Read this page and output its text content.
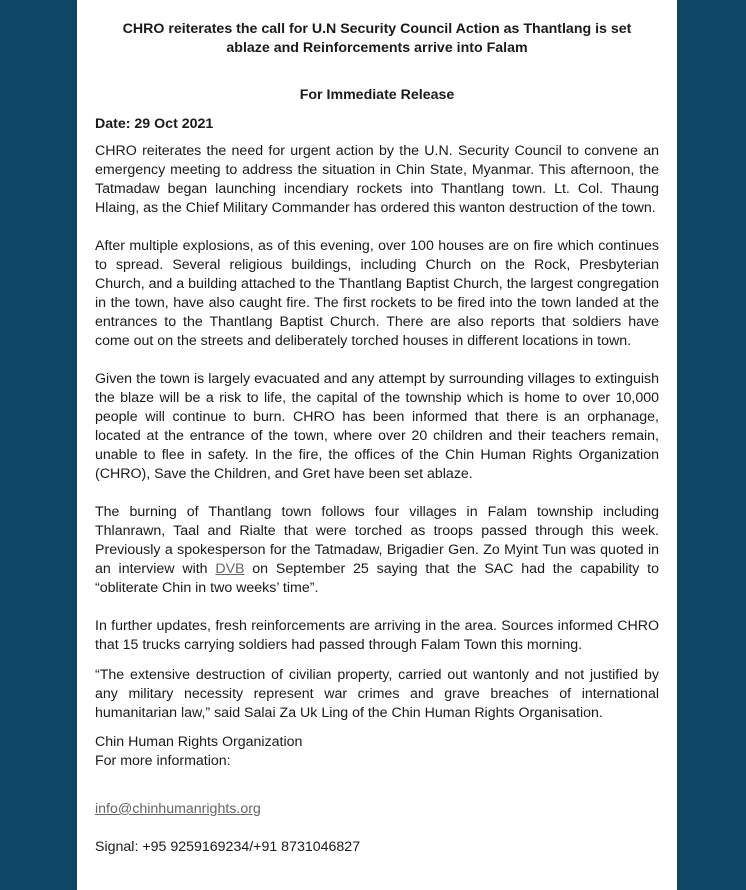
CHRO reiterates the call for U.N Security Council Action as Thantlang is set ablaze and Reinforcements arrive into Falam
For Immediate Release
Date: 29 Oct 2021

CHRO reiterates the need for urgent action by the U.N. Security Council to convene an emergency meeting to address the situation in Chin State, Myanmar. This afternoon, the Tatmadaw began launching incendiary rockets into Thantlang town. Lt. Col. Thaung Hlaing, as the Chief Military Commander has ordered this wanton destruction of the town.

After multiple explosions, as of this evening, over 100 houses are on fire which continues to spread. Several religious buildings, including Church on the Rock, Presbyterian Church, and a building attached to the Thantlang Baptist Church, the largest congregation in the town, have also caught fire. The first rockets to be fired into the town landed at the entrances to the Thantlang Baptist Church. There are also reports that soldiers have come out on the streets and deliberately torched houses in different locations in town.

Given the town is largely evacuated and any attempt by surrounding villages to extinguish the blaze will be a risk to life, the capital of the township which is home to over 10,000 people will continue to burn. CHRO has been informed that there is an orphanage, located at the entrance of the town, where over 20 children and their teachers remain, unable to flee in safety. In the fire, the offices of the Chin Human Rights Organization (CHRO), Save the Children, and Gret have been set ablaze.

The burning of Thantlang town follows four villages in Falam township including Thlanrawn, Taal and Rialte that were torched as troops passed through this week. Previously a spokesperson for the Tatmadaw, Brigadier Gen. Zo Myint Tun was quoted in an interview with DVB on September 25 saying that the SAC had the capability to “obliterate Chin in two weeks’ time”.

In further updates, fresh reinforcements are arriving in the area. Sources informed CHRO that 15 trucks carrying soldiers had passed through Falam Town this morning.

“The extensive destruction of civilian property, carried out wantonly and not justified by any military necessity represent war crimes and grave breaches of international humanitarian law,” said Salai Za Uk Ling of the Chin Human Rights Organisation.

Chin Human Rights Organization
For more information:
info@chinhumanrights.org
Signal: +95 9259169234/+91 8731046827
